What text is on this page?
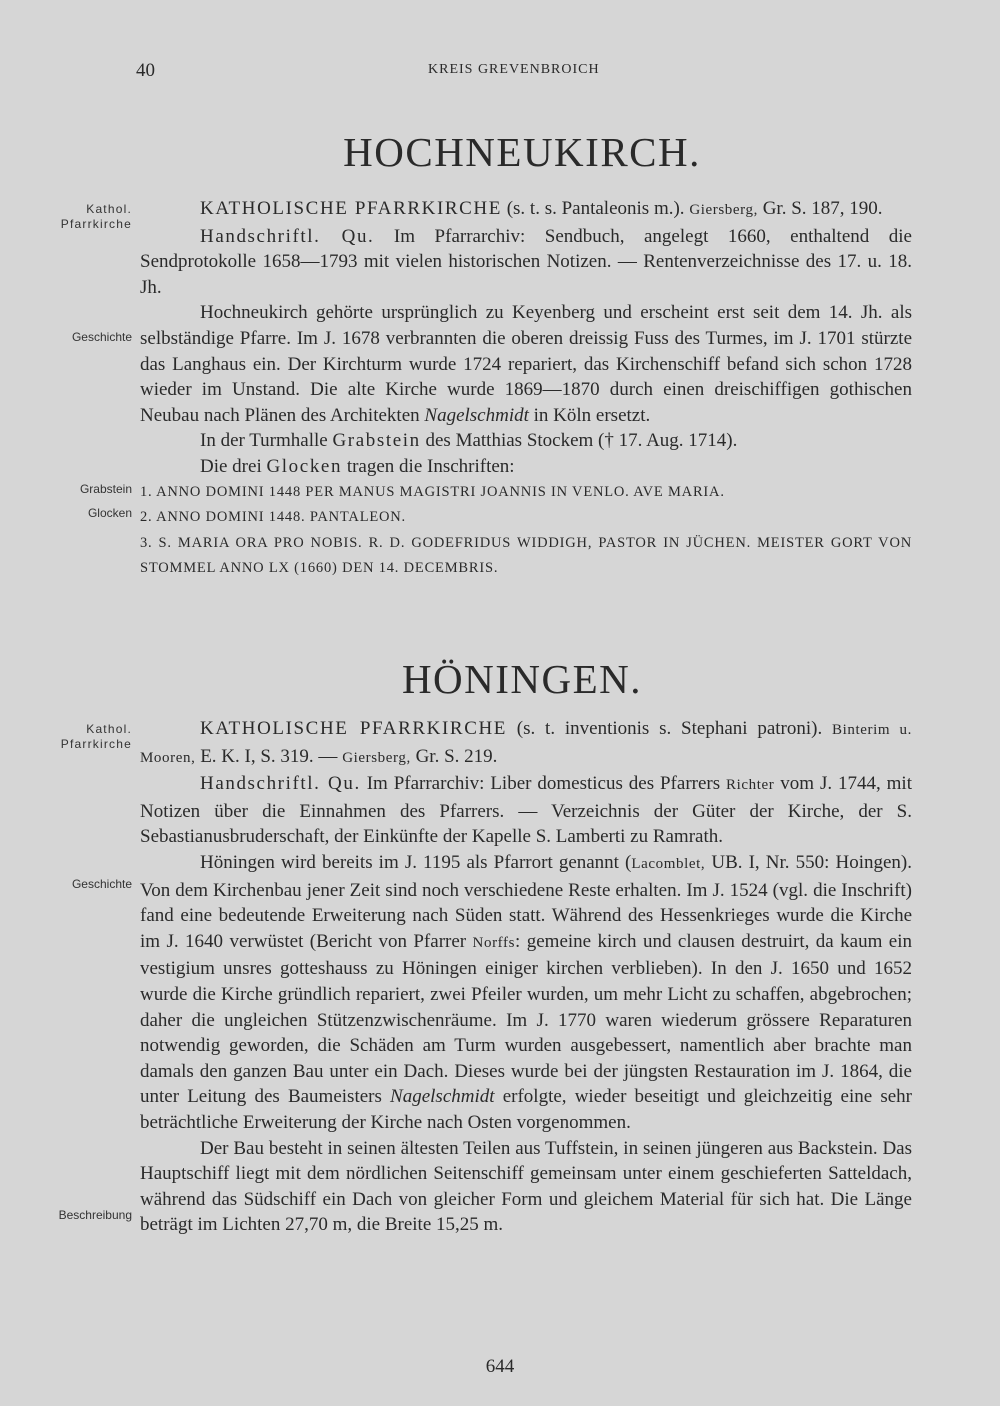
40	KREIS GREVENBROICH
HOCHNEUKIRCH.
Kathol.
Pfarrkirche
Geschichte
Grabstein
Glocken

KATHOLISCHE PFARRKIRCHE (s. t. s. Pantaleonis m.). Giersberg, Gr. S. 187, 190.

Handschriftl. Qu. Im Pfarrarchiv: Sendbuch, angelegt 1660, enthaltend die Sendprotokolle 1658—1793 mit vielen historischen Notizen. — Rentenverzeichnisse des 17. u. 18. Jh.

Hochneukirch gehörte ursprünglich zu Keyenberg und erscheint erst seit dem 14. Jh. als selbständige Pfarre. Im J. 1678 verbrannten die oberen dreissig Fuss des Turmes, im J. 1701 stürzte das Langhaus ein. Der Kirchturm wurde 1724 repariert, das Kirchenschiff befand sich schon 1728 wieder im Unstand. Die alte Kirche wurde 1869—1870 durch einen dreischiffigen gothischen Neubau nach Plänen des Architekten Nagelschmidt in Köln ersetzt.

In der Turmhalle Grabstein des Matthias Stockem († 17. Aug. 1714).

Die drei Glocken tragen die Inschriften:

1. ANNO DOMINI 1448 PER MANUS MAGISTRI JOANNIS IN VENLO. AVE MARIA.

2. ANNO DOMINI 1448. PANTALEON.

3. S. MARIA ORA PRO NOBIS. R. D. GODEFRIDUS WIDDIGH, PASTOR IN JÜCHEN. MEISTER GORT VON STOMMEL ANNO LX (1660) DEN 14. DECEMBRIS.

HÖNINGEN.
Kathol.
Pfarrkirche
Geschichte
Beschreibung

KATHOLISCHE PFARRKIRCHE (s. t. inventionis s. Stephani patroni). Binterim u. Mooren, E. K. I, S. 319. — Giersberg, Gr. S. 219.

Handschriftl. Qu. Im Pfarrarchiv: Liber domesticus des Pfarrers Richter vom J. 1744, mit Notizen über die Einnahmen des Pfarrers. — Verzeichnis der Güter der Kirche, der S. Sebastianusbruderschaft, der Einkünfte der Kapelle S. Lamberti zu Ramrath.

Höningen wird bereits im J. 1195 als Pfarrort genannt (Lacomblet, UB. I, Nr. 550: Hoingen). Von dem Kirchenbau jener Zeit sind noch verschiedene Reste erhalten. Im J. 1524 (vgl. die Inschrift) fand eine bedeutende Erweiterung nach Süden statt. Während des Hessenkrieges wurde die Kirche im J. 1640 verwüstet (Bericht von Pfarrer Norffs: gemeine kirch und clausen destruirt, da kaum ein vestigium unsres gotteshauss zu Höningen einiger kirchen verblieben). In den J. 1650 und 1652 wurde die Kirche gründlich repariert, zwei Pfeiler wurden, um mehr Licht zu schaffen, abgebrochen; daher die ungleichen Stützenzwischenräume. Im J. 1770 waren wiederum grössere Reparaturen notwendig geworden, die Schäden am Turm wurden ausgebessert, namentlich aber brachte man damals den ganzen Bau unter ein Dach. Dieses wurde bei der jüngsten Restauration im J. 1864, die unter Leitung des Baumeisters Nagelschmidt erfolgte, wieder beseitigt und gleichzeitig eine sehr beträchtliche Erweiterung der Kirche nach Osten vorgenommen.

Der Bau besteht in seinen ältesten Teilen aus Tuffstein, in seinen jüngeren aus Backstein. Das Hauptschiff liegt mit dem nördlichen Seitenschiff gemeinsam unter einem geschieferten Satteldach, während das Südschiff ein Dach von gleicher Form und gleichem Material für sich hat. Die Länge beträgt im Lichten 27,70 m, die Breite 15,25 m.

644
